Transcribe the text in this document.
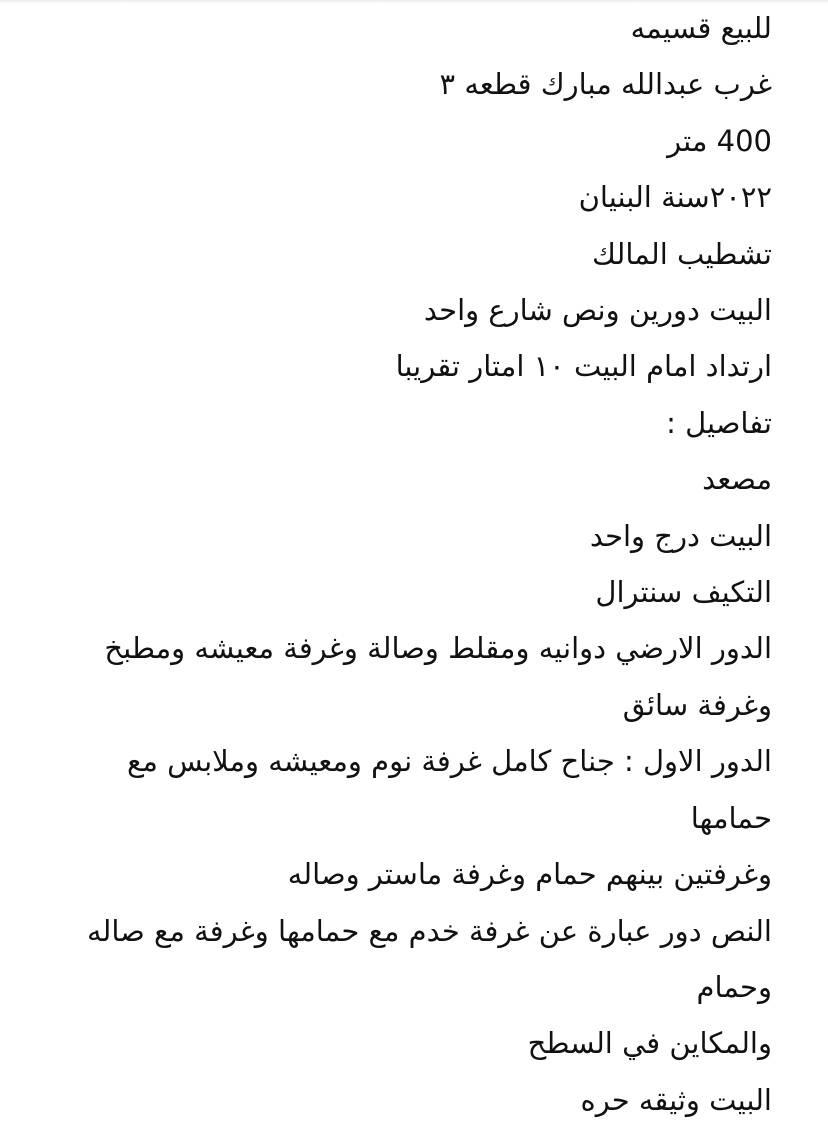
للبيع قسيمه

غرب عبدالله مبارك قطعه ٣

400 متر

٢٠٢٢سنة البنيان

تشطيب المالك

البيت دورين ونص شارع واحد

ارتداد امام البيت ١٠ امتار تقريبا

تفاصيل :

مصعد

البيت درج واحد

التكيف سنترال

الدور الارضي دوانيه ومقلط وصالة وغرفة معيشه ومطبخ وغرفة سائق

الدور الاول : جناح كامل غرفة نوم ومعيشه وملابس مع حمامها

وغرفتين بينهم حمام وغرفة ماستر وصاله

النص دور عبارة عن غرفة خدم مع حمامها وغرفة مع صاله وحمام

والمكاين في السطح

البيت وثيقه حره
